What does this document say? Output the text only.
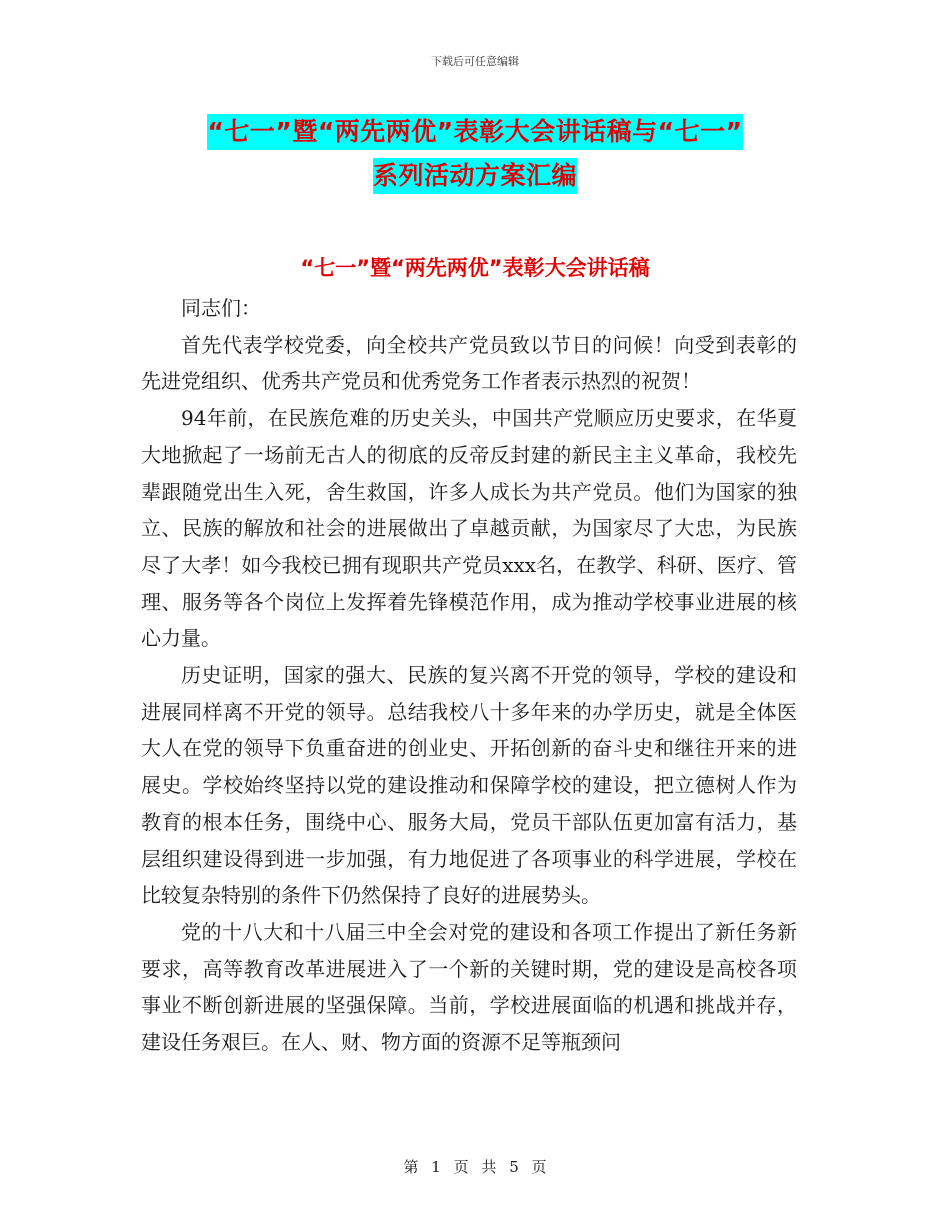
下载后可任意编辑
“七一”暨“两先两优”表彰大会讲话稿与“七一”
系列活动方案汇编
“七一”暨“两先两优”表彰大会讲话稿

同志们：

首先代表学校党委，向全校共产党员致以节日的问候！向受到表彰的先进党组织、优秀共产党员和优秀党务工作者表示热烈的祝贺！

94年前，在民族危难的历史关头，中国共产党顺应历史要求，在华夏大地掀起了一场前无古人的彻底的反帝反封建的新民主主义革命，我校先辈跟随党出生入死，舍生救国，许多人成长为共产党员。他们为国家的独立、民族的解放和社会的进展做出了卓越贡献，为国家尽了大忠，为民族尽了大孝！如今我校已拥有现职共产党员xxx名，在教学、科研、医疗、管理、服务等各个岗位上发挥着先锋模范作用，成为推动学校事业进展的核心力量。

历史证明，国家的强大、民族的复兴离不开党的领导，学校的建设和进展同样离不开党的领导。总结我校八十多年来的办学历史，就是全体医大人在党的领导下负重奋进的创业史、开拓创新的奋斗史和继往开来的进展史。学校始终坚持以党的建设推动和保障学校的建设，把立德树人作为教育的根本任务，围绕中心、服务大局，党员干部队伍更加富有活力，基层组织建设得到进一步加强，有力地促进了各项事业的科学进展，学校在比较复杂特别的条件下仍然保持了良好的进展势头。

党的十八大和十八届三中全会对党的建设和各项工作提出了新任务新要求，高等教育改革进展进入了一个新的关键时期，党的建设是高校各项事业不断创新进展的坚强保障。当前，学校进展面临的机遇和挑战并存，建设任务艰巨。在人、财、物方面的资源不足等瓶颈问

第 1 页 共 5 页
